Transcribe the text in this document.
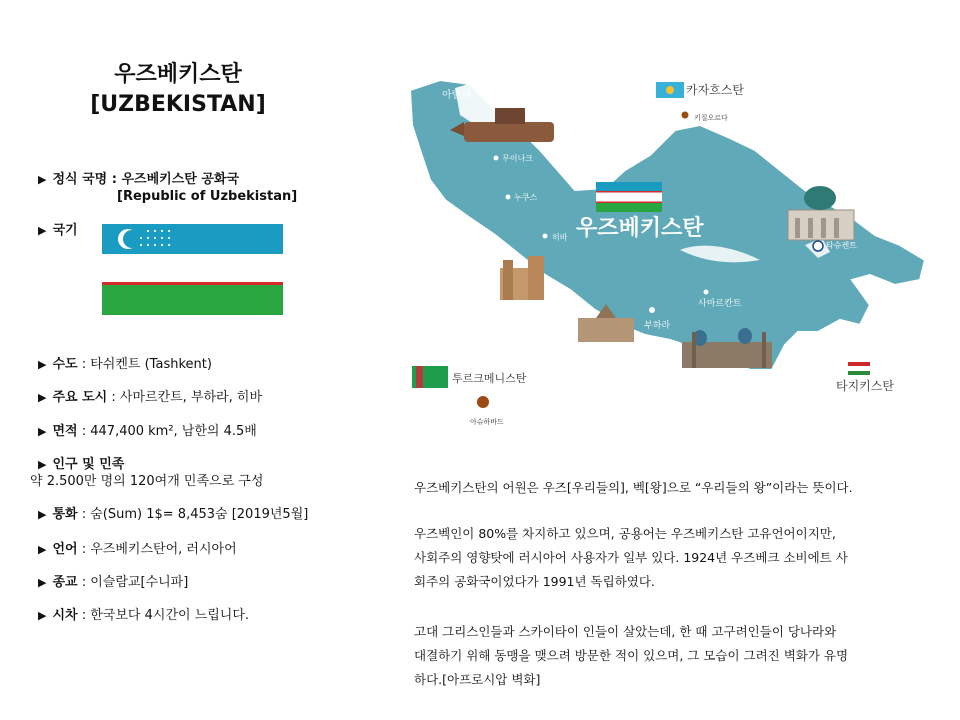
우즈베키스탄
[UZBEKISTAN]
▶ 정식 국명 : 우즈베키스탄 공화국
[Republic of Uzbekistan]
▶ 국기
▶ 수도 : 타쉬켄트 (Tashkent)
▶ 주요 도시 : 사마르칸트, 부하라, 히바
▶ 면적 : 447,400 km², 남한의 4.5배
▶ 인구 및 민족
약 2.500만 명의 120여개 민족으로 구성
▶ 통화 : 숨(Sum) 1$= 8,453숨 [2019년5월]
▶ 언어 : 우즈베키스탄어, 러시아어
▶ 종교 : 이슬람교[수니파]
▶ 시차 : 한국보다 4시간이 느립니다.
아랄해	카자흐스탄
키질오르다
무이나크
누쿠스
히바
부하라
사마르칸트
타슈켄트
투르크메니스탄
아슈하바드
타지키스탄
우즈베키스탄
우즈베키스탄의 어원은 우즈[우리들의], 벡[왕]으로 “우리들의 왕”이라는 뜻이다.
우즈벡인이 80%를 차지하고 있으며, 공용어는 우즈베키스탄 고유언어이지만,
사회주의 영향탓에 러시아어 사용자가 일부 있다. 1924년 우즈베크 소비에트 사
회주의 공화국이었다가 1991년 독립하였다.
고대 그리스인들과 스카이타이 인들이 살았는데, 한 때 고구려인들이 당나라와
대결하기 위해 동맹을 맺으려 방문한 적이 있으며, 그 모습이 그려진 벽화가 유명
하다.[아프로시압 벽화]
